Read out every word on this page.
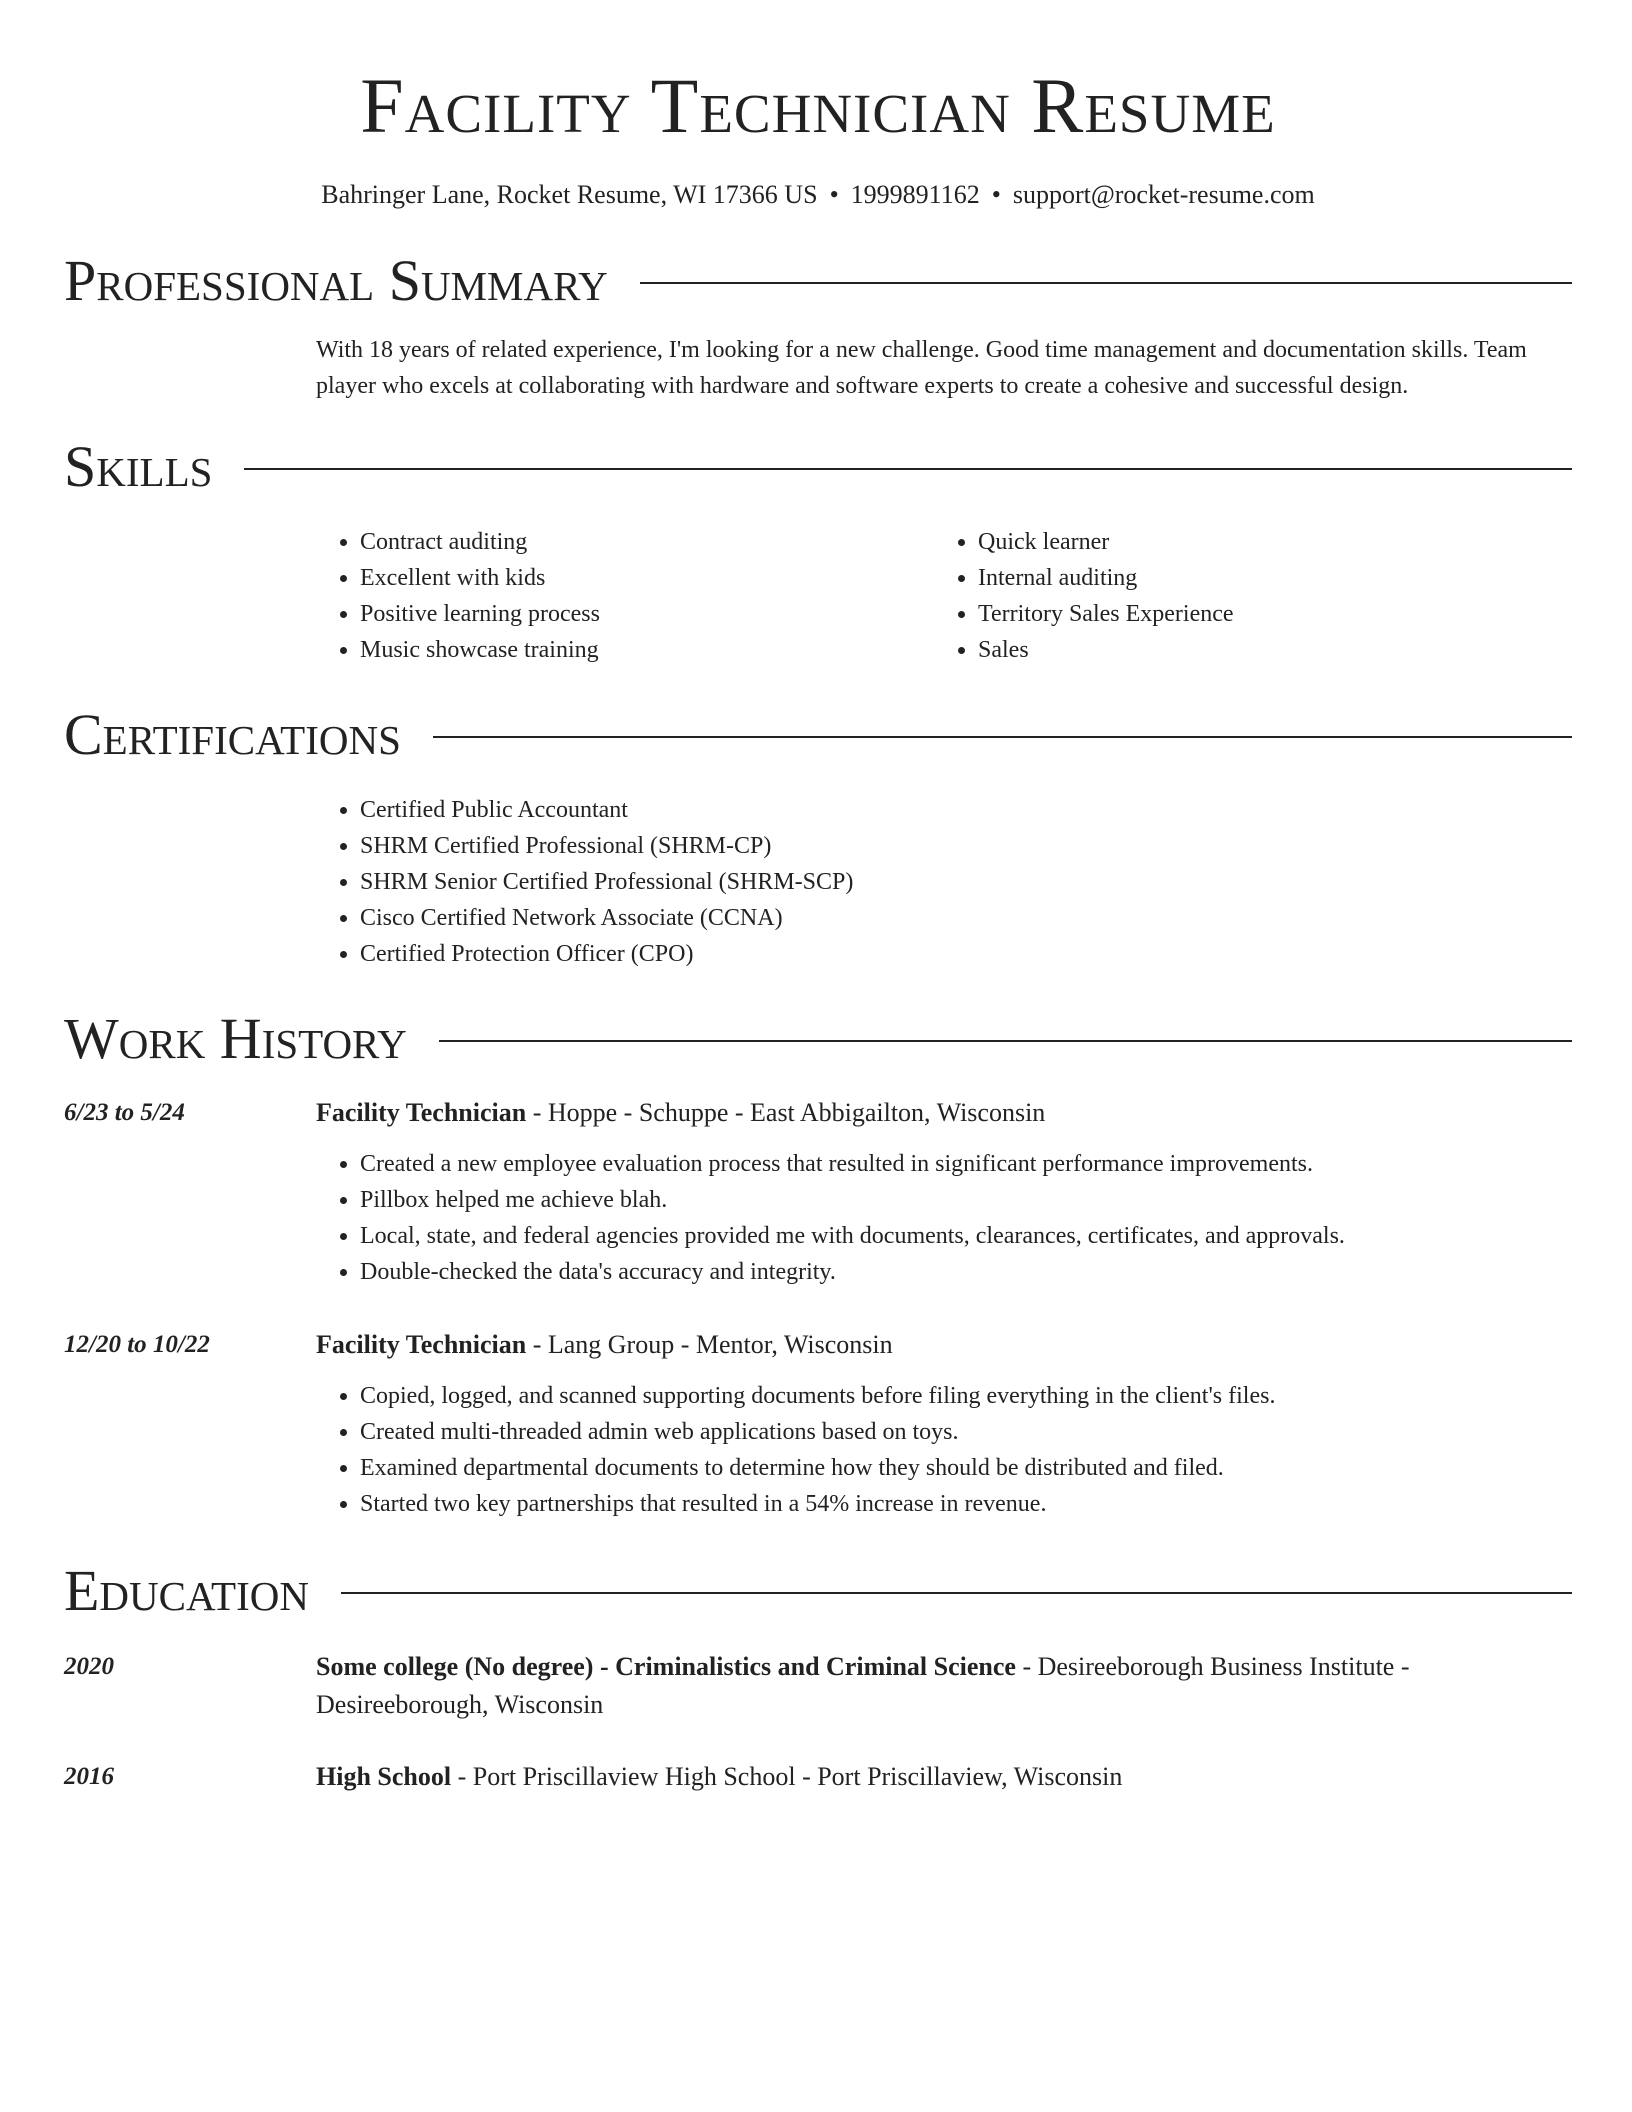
Facility Technician Resume
Bahringer Lane, Rocket Resume, WI 17366 US • 1999891162 • support@rocket-resume.com
Professional Summary

With 18 years of related experience, I'm looking for a new challenge. Good time management and documentation skills. Team player who excels at collaborating with hardware and software experts to create a cohesive and successful design.

Skills
• Contract auditing
• Excellent with kids
• Positive learning process
• Music showcase training
• Quick learner
• Internal auditing
• Territory Sales Experience
• Sales
Certifications
• Certified Public Accountant
• SHRM Certified Professional (SHRM-CP)
• SHRM Senior Certified Professional (SHRM-SCP)
• Cisco Certified Network Associate (CCNA)
• Certified Protection Officer (CPO)
Work History
6/23 to 5/24	Facility Technician - Hoppe - Schuppe - East Abbigailton, Wisconsin
• Created a new employee evaluation process that resulted in significant performance improvements.
• Pillbox helped me achieve blah.
• Local, state, and federal agencies provided me with documents, clearances, certificates, and approvals.
• Double-checked the data's accuracy and integrity.
12/20 to 10/22	Facility Technician - Lang Group - Mentor, Wisconsin
• Copied, logged, and scanned supporting documents before filing everything in the client's files.
• Created multi-threaded admin web applications based on toys.
• Examined departmental documents to determine how they should be distributed and filed.
• Started two key partnerships that resulted in a 54% increase in revenue.
Education
2020	Some college (No degree) - Criminalistics and Criminal Science - Desireeborough Business Institute - Desireeborough, Wisconsin
2016	High School - Port Priscillaview High School - Port Priscillaview, Wisconsin
